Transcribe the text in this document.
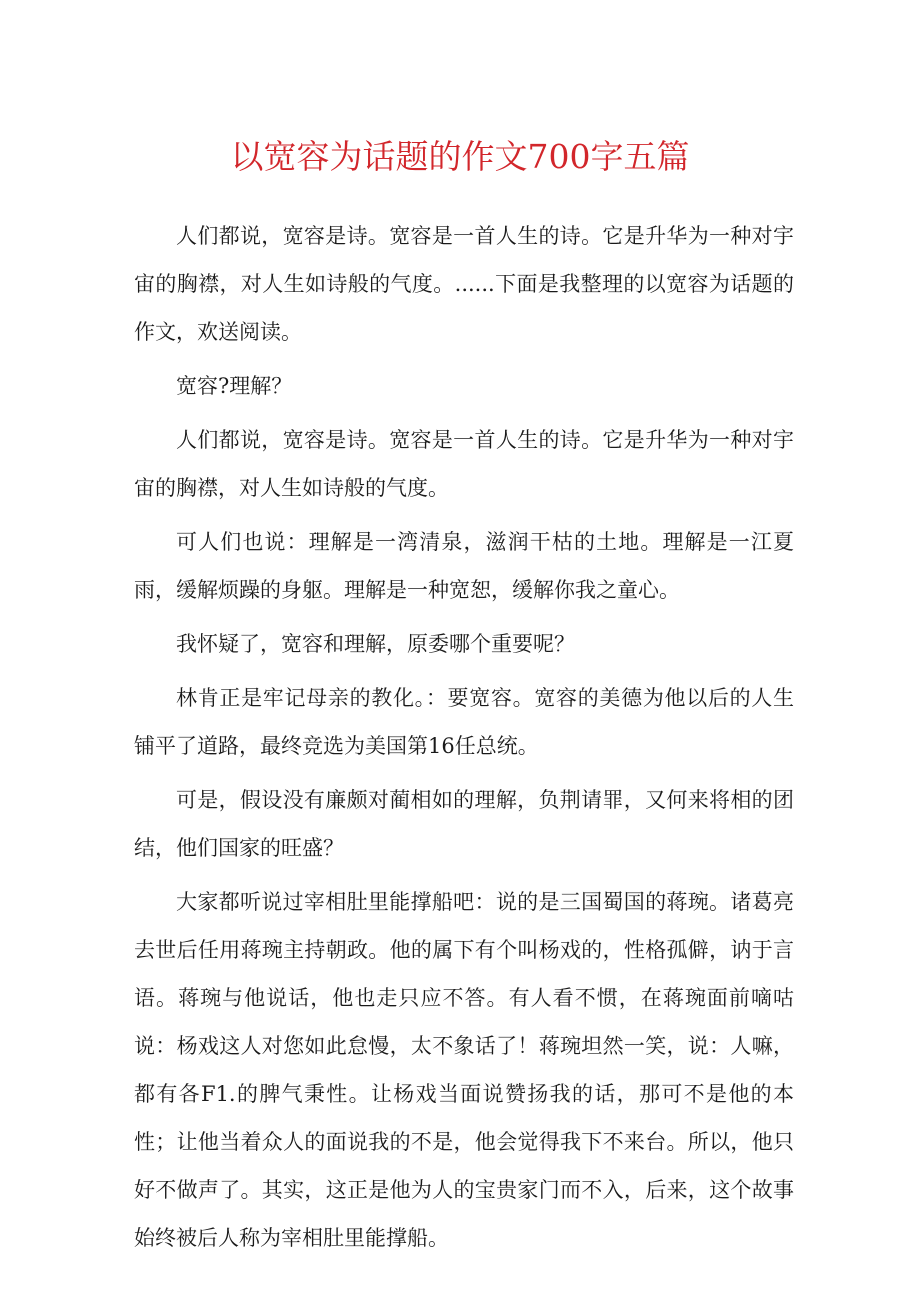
以宽容为话题的作文700字五篇

人们都说，宽容是诗。宽容是一首人生的诗。它是升华为一种对宇宙的胸襟，对人生如诗般的气度。......下面是我整理的以宽容为话题的作文，欢送阅读。

宽容?理解？

人们都说，宽容是诗。宽容是一首人生的诗。它是升华为一种对宇宙的胸襟，对人生如诗般的气度。

可人们也说：理解是一湾清泉，滋润干枯的土地。理解是一江夏雨，缓解烦躁的身躯。理解是一种宽恕，缓解你我之童心。

我怀疑了，宽容和理解，原委哪个重要呢？

林肯正是牢记母亲的教化。：要宽容。宽容的美德为他以后的人生铺平了道路，最终竞选为美国第16任总统。

可是，假设没有廉颇对蔺相如的理解，负荆请罪，又何来将相的团结，他们国家的旺盛？

大家都听说过宰相肚里能撑船吧：说的是三国蜀国的蒋琬。诸葛亮去世后任用蒋琬主持朝政。他的属下有个叫杨戏的，性格孤僻，讷于言语。蒋琬与他说话，他也走只应不答。有人看不惯，在蒋琬面前嘀咕说：杨戏这人对您如此怠慢，太不象话了！蒋琬坦然一笑，说：人嘛，都有各F1.的脾气秉性。让杨戏当面说赞扬我的话，那可不是他的本性；让他当着众人的面说我的不是，他会觉得我下不来台。所以，他只好不做声了。其实，这正是他为人的宝贵家门而不入，后来，这个故事始终被后人称为宰相肚里能撑船。
